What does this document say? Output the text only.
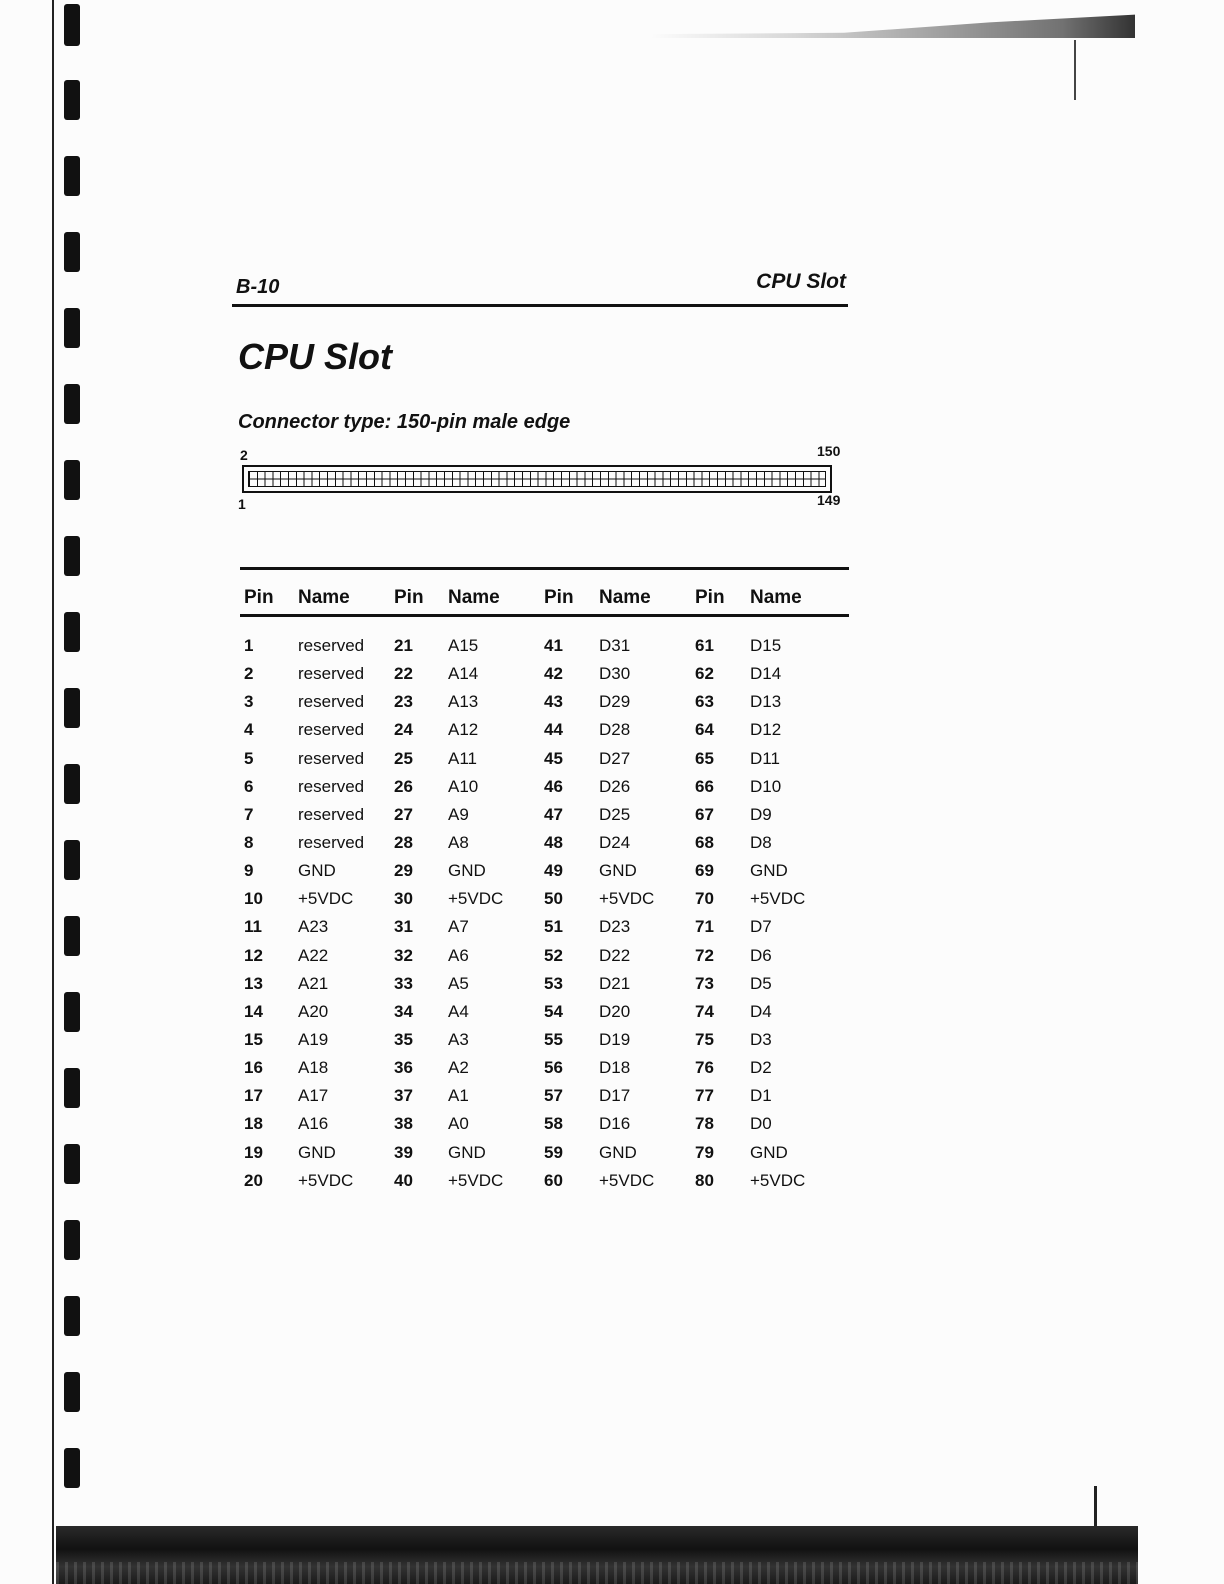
B-10	CPU Slot
CPU Slot
Connector type: 150-pin male edge
2	150
1	149
Pin Name Pin Name Pin Name Pin Name
1	reserved 21 A15	41 D31	61 D15
2	reserved 22 A14	42 D30	62 D14
3	reserved 23 A13	43 D29	63 D13
4	reserved 24 A12	44 D28	64 D12
5	reserved 25 A11	45 D27	65 D11
6	reserved 26 A10	46 D26	66 D10
7	reserved 27 A9	47 D25	67 D9
8	reserved 28 A8	48 D24	68 D8
9	GND	29 GND	49 GND	69 GND
10 +5VDC 30 +5VDC 50 +5VDC 70 +5VDC
11 A23	31 A7	51 D23	71 D7
12 A22	32 A6	52 D22	72 D6
13 A21	33 A5	53 D21	73 D5
14 A20	34 A4	54 D20	74 D4
15 A19	35 A3	55 D19	75 D3
16 A18	36 A2	56 D18	76 D2
17 A17	37 A1	57 D17	77 D1
18 A16	38 A0	58 D16	78 D0
19 GND	39 GND	59 GND	79 GND
20 +5VDC 40 +5VDC 60 +5VDC 80 +5VDC
